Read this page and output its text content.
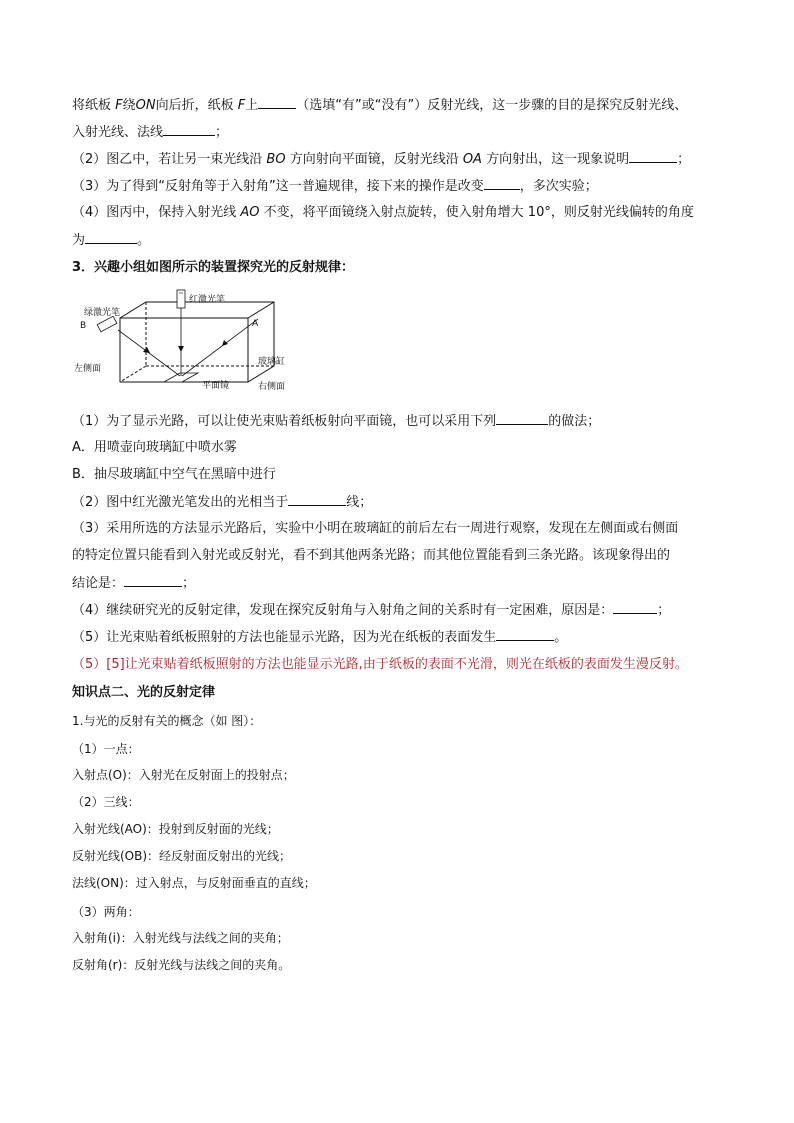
将纸板 F绕ON向后折，纸板 F上	（选填“有”或“没有”）反射光线，这一步骤的目的是探究反射光线、
入射光线、法线	；
（2）图乙中，若让另一束光线沿 BO 方向射向平面镜，反射光线沿 OA 方向射出，这一现象说明	；
（3）为了得到“反射角等于入射角”这一普遍规律，接下来的操作是改变	，多次实验；
（4）图丙中，保持入射光线 AO 不变，将平面镜绕入射点旋转，使入射角增大 10°，则反射光线偏转的角度
为	。
3．兴趣小组如图所示的装置探究光的反射规律：
绿激光笔
红激光笔
B	A
左侧面
玻璃缸
平面镜	右侧面
（1）为了显示光路，可以让使光束贴着纸板射向平面镜，也可以采用下列	的做法；
A．用喷壶向玻璃缸中喷水雾
B．抽尽玻璃缸中空气在黑暗中进行
（2）图中红光激光笔发出的光相当于	线；
（3）采用所选的方法显示光路后，实验中小明在玻璃缸的前后左右一周进行观察，发现在左侧面或右侧面
的特定位置只能看到入射光或反射光，看不到其他两条光路；而其他位置能看到三条光路。该现象得出的
结论是：	；
（4）继续研究光的反射定律，发现在探究反射角与入射角之间的关系时有一定困难，原因是：	；
（5）让光束贴着纸板照射的方法也能显示光路，因为光在纸板的表面发生	。
（5）[5]让光束贴着纸板照射的方法也能显示光路,由于纸板的表面不光滑，则光在纸板的表面发生漫反射。
知识点二、光的反射定律
1.与光的反射有关的概念（如 图）：
（1）一点：
入射点(O)：入射光在反射面上的投射点；
（2）三线：
入射光线(AO)：投射到反射面的光线；
反射光线(OB)：经反射面反射出的光线；
法线(ON)：过入射点，与反射面垂直的直线；
（3）两角：
入射角(i)：入射光线与法线之间的夹角；
反射角(r)：反射光线与法线之间的夹角。
